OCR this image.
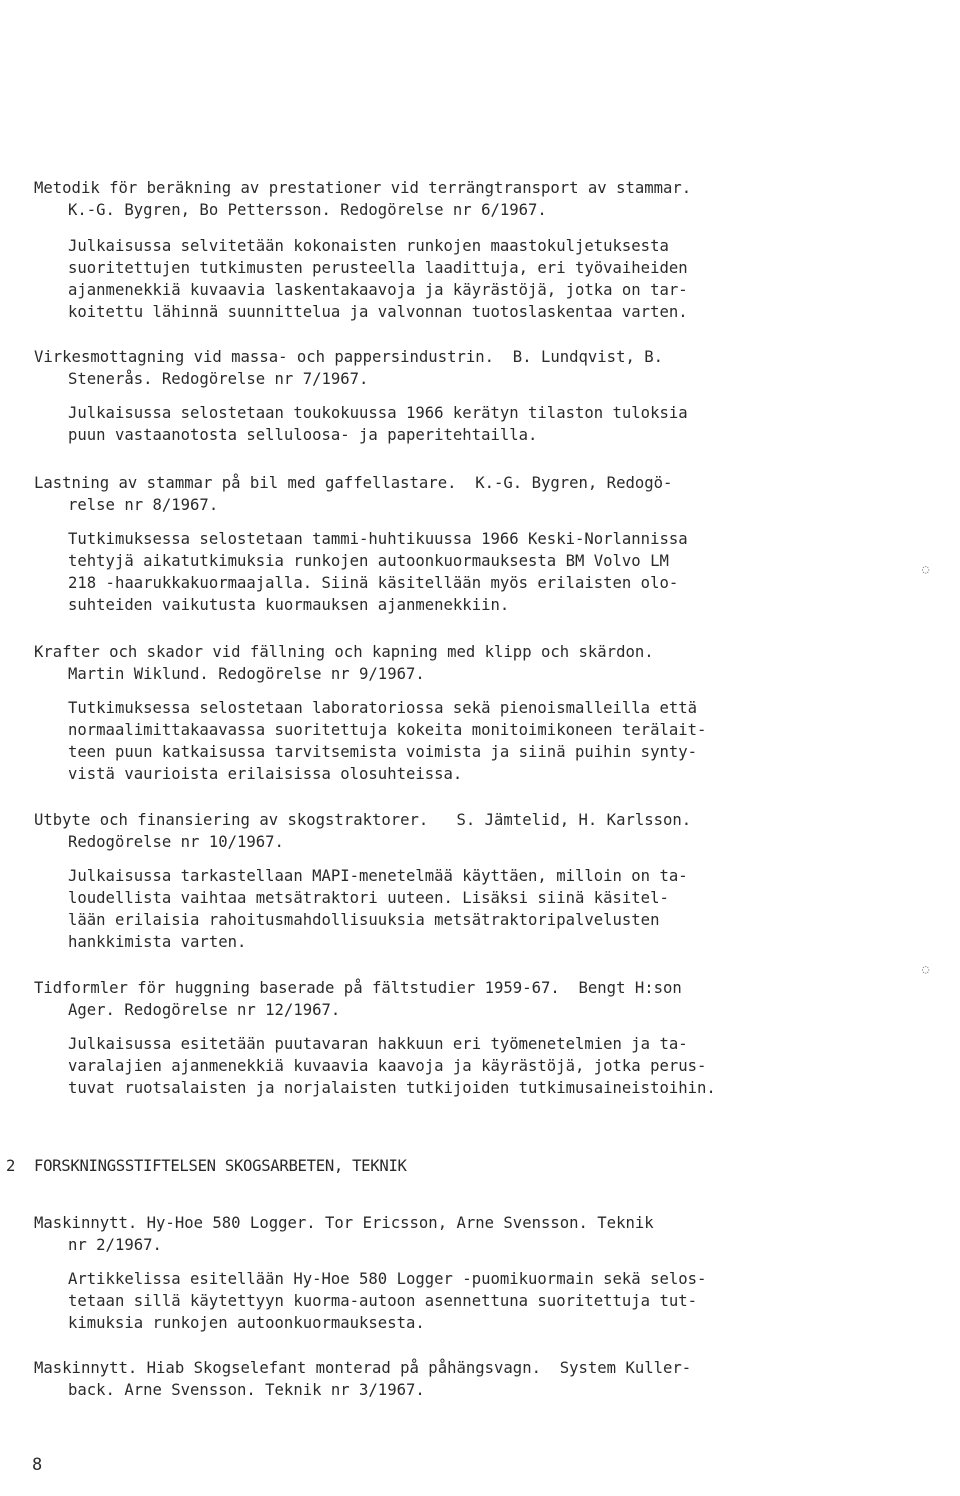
Metodik för beräkning av prestationer vid terrängtransport av stammar.
K.-G. Bygren, Bo Pettersson. Redogörelse nr 6/1967.
Julkaisussa selvitetään kokonaisten runkojen maastokuljetuksesta
suoritettujen tutkimusten perusteella laadittuja, eri työvaiheiden
ajanmenekkiä kuvaavia laskentakaavoja ja käyrästöjä, jotka on tar-
koitettu lähinnä suunnittelua ja valvonnan tuotoslaskentaa varten.
Virkesmottagning vid massa- och pappersindustrin.  B. Lundqvist, B.
Stenerås. Redogörelse nr 7/1967.
Julkaisussa selostetaan toukokuussa 1966 kerätyn tilaston tuloksia
puun vastaanotosta selluloosa- ja paperitehtailla.
Lastning av stammar på bil med gaffellastare.  K.-G. Bygren, Redogö-
relse nr 8/1967.
Tutkimuksessa selostetaan tammi-huhtikuussa 1966 Keski-Norlannissa
tehtyjä aikatutkimuksia runkojen autoonkuormauksesta BM Volvo LM
218 -haarukkakuormaajalla. Siinä käsitellään myös erilaisten olo-
suhteiden vaikutusta kuormauksen ajanmenekkiin.
Krafter och skador vid fällning och kapning med klipp och skärdon.
Martin Wiklund. Redogörelse nr 9/1967.
Tutkimuksessa selostetaan laboratoriossa sekä pienoismalleilla että
normaalimittakaavassa suoritettuja kokeita monitoimikoneen terälait-
teen puun katkaisussa tarvitsemista voimista ja siinä puihin synty-
vistä vaurioista erilaisissa olosuhteissa.
Utbyte och finansiering av skogstraktorer.   S. Jämtelid, H. Karlsson.
Redogörelse nr 10/1967.
Julkaisussa tarkastellaan MAPI-menetelmää käyttäen, milloin on ta-
loudellista vaihtaa metsätraktori uuteen. Lisäksi siinä käsitel-
lään erilaisia rahoitusmahdollisuuksia metsätraktoripalvelusten
hankkimista varten.
Tidformler för huggning baserade på fältstudier 1959-67.  Bengt H:son
Ager. Redogörelse nr 12/1967.
Julkaisussa esitetään puutavaran hakkuun eri työmenetelmien ja ta-
varalajien ajanmenekkiä kuvaavia kaavoja ja käyrästöjä, jotka perus-
tuvat ruotsalaisten ja norjalaisten tutkijoiden tutkimusaineistoihin.

2

FORSKNINGSSTIFTELSEN SKOGSARBETEN, TEKNIK

Maskinnytt. Hy-Hoe 580 Logger. Tor Ericsson, Arne Svensson. Teknik
nr 2/1967.
Artikkelissa esitellään Hy-Hoe 580 Logger -puomikuormain sekä selos-
tetaan sillä käytettyyn kuorma-autoon asennettuna suoritettuja tut-
kimuksia runkojen autoonkuormauksesta.
Maskinnytt. Hiab Skogselefant monterad på påhängsvagn.  System Kuller-
back. Arne Svensson. Teknik nr 3/1967.
◌
◌
8
